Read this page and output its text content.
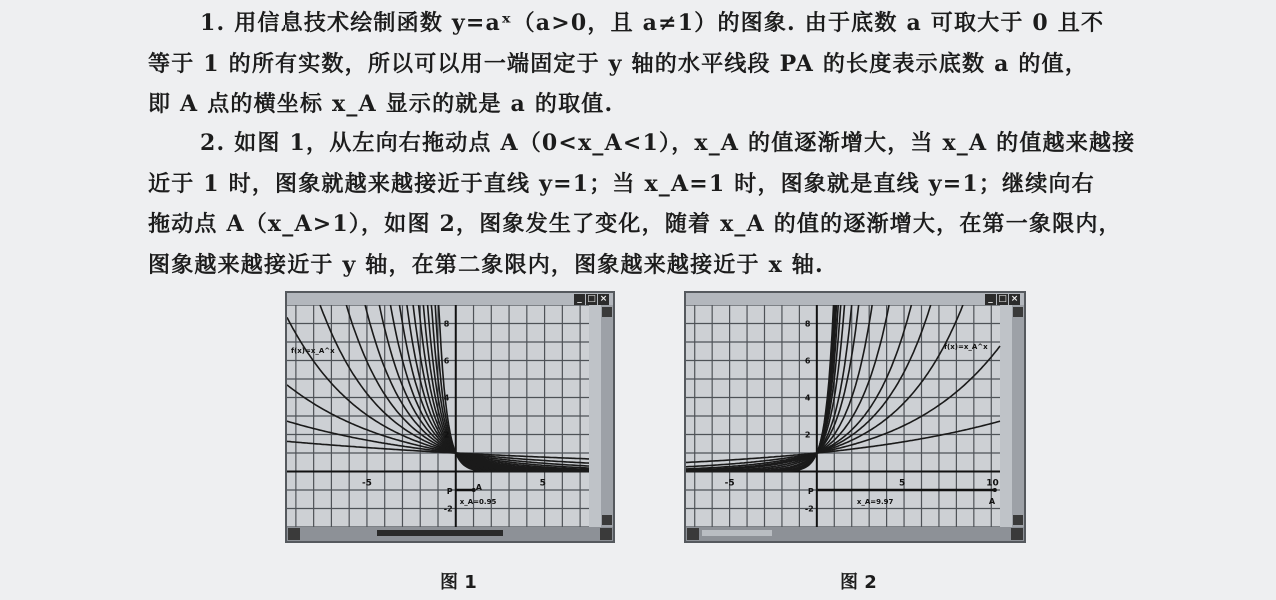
1. 用信息技术绘制函数 y=aˣ（a>0，且 a≠1）的图象. 由于底数 a 可取大于 0 且不
等于 1 的所有实数，所以可以用一端固定于 y 轴的水平线段 PA 的长度表示底数 a 的值，
即 A 点的横坐标 x_A 显示的就是 a 的取值.
2. 如图 1，从左向右拖动点 A（0<x_A<1），x_A 的值逐渐增大，当 x_A 的值越来越接
近于 1 时，图象就越来越接近于直线 y=1；当 x_A=1 时，图象就是直线 y=1；继续向右
拖动点 A（x_A>1），如图 2，图象发生了变化，随着 x_A 的值的逐渐增大，在第一象限内，
图象越来越接近于 y 轴，在第二象限内，图象越来越接近于 x 轴.
_ □ ×
-5	5
8
6
4
2
-2
f(x)=x_A^x
P	A
x_A=0.95
_ □ ×
-5	5	10
8
6
4
2
-2
f(x)=x_A^x
P
A
x_A=9.97
图 1	图 2
